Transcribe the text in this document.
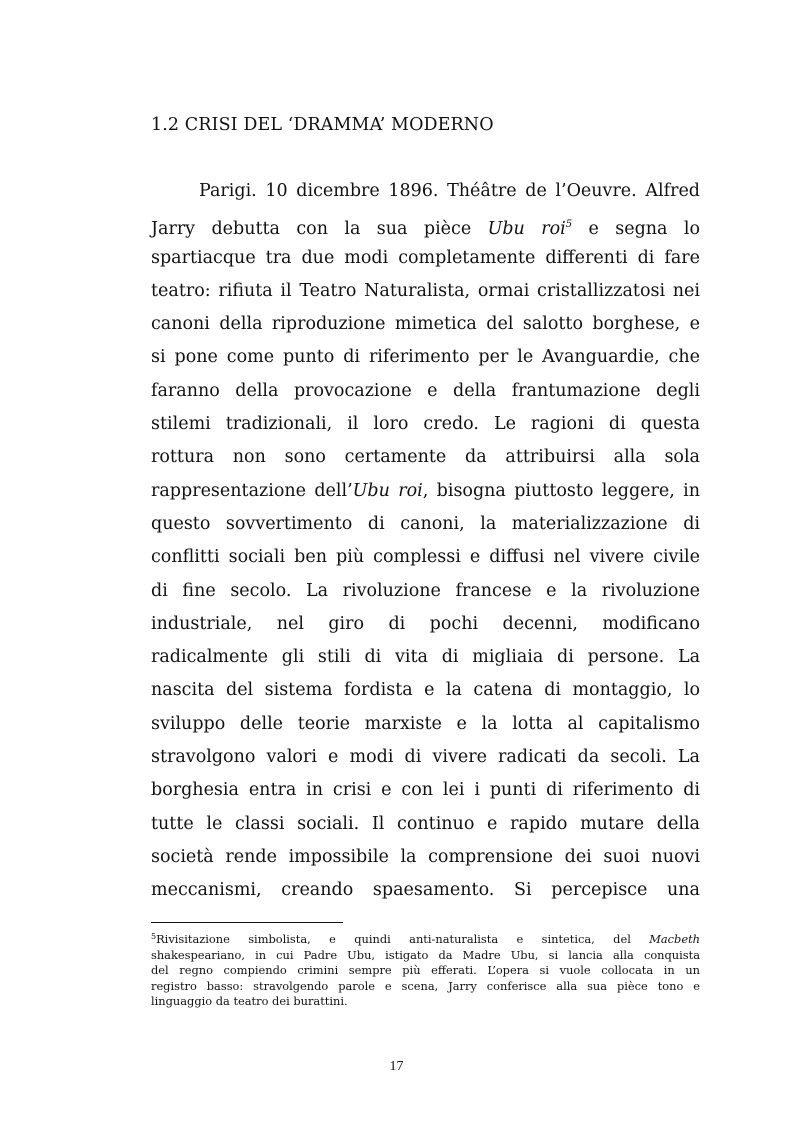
1.2 CRISI DEL ‘DRAMMA’ MODERNO
Parigi. 10 dicembre 1896. Théâtre de l’Oeuvre. Alfred
Jarry debutta con la sua pièce Ubu roi$^5$ e segna lo
spartiacque tra due modi completamente differenti di fare
teatro: rifiuta il Teatro Naturalista, ormai cristallizzatosi nei
canoni della riproduzione mimetica del salotto borghese, e
si pone come punto di riferimento per le Avanguardie, che
faranno della provocazione e della frantumazione degli
stilemi tradizionali, il loro credo. Le ragioni di questa
rottura non sono certamente da attribuirsi alla sola
rappresentazione dell’Ubu roi, bisogna piuttosto leggere, in
questo sovvertimento di canoni, la materializzazione di
conflitti sociali ben più complessi e diffusi nel vivere civile
di fine secolo. La rivoluzione francese e la rivoluzione
industriale, nel giro di pochi decenni, modificano
radicalmente gli stili di vita di migliaia di persone. La
nascita del sistema fordista e la catena di montaggio, lo
sviluppo delle teorie marxiste e la lotta al capitalismo
stravolgono valori e modi di vivere radicati da secoli. La
borghesia entra in crisi e con lei i punti di riferimento di
tutte le classi sociali. Il continuo e rapido mutare della
società rende impossibile la comprensione dei suoi nuovi
meccanismi, creando spaesamento. Si percepisce una
$^5$Rivisitazione simbolista, e quindi anti-naturalista e sintetica, del Macbeth
shakespeariano, in cui Padre Ubu, istigato da Madre Ubu, si lancia alla conquista
del regno compiendo crimini sempre più efferati. L’opera si vuole collocata in un
registro basso: stravolgendo parole e scena, Jarry conferisce alla sua pièce tono e
linguaggio da teatro dei burattini.
17
